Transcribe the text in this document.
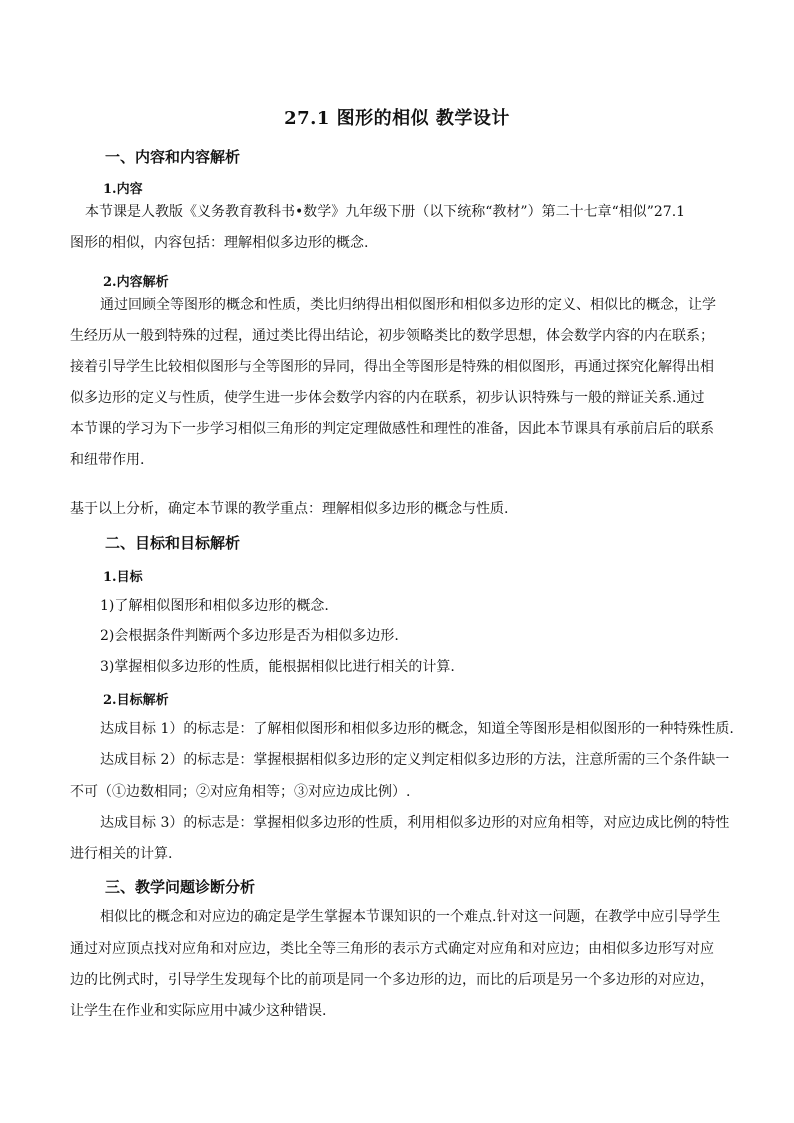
27.1 图形的相似 教学设计
一、内容和内容解析
1.内容
本节课是人教版《义务教育教科书•数学》九年级下册（以下统称“教材”）第二十七章“相似”27.1
图形的相似，内容包括：理解相似多边形的概念.
2.内容解析
通过回顾全等图形的概念和性质，类比归纳得出相似图形和相似多边形的定义、相似比的概念，让学
生经历从一般到特殊的过程，通过类比得出结论，初步领略类比的数学思想，体会数学内容的内在联系；
接着引导学生比较相似图形与全等图形的异同，得出全等图形是特殊的相似图形，再通过探究化解得出相
似多边形的定义与性质，使学生进一步体会数学内容的内在联系，初步认识特殊与一般的辩证关系.通过
本节课的学习为下一步学习相似三角形的判定定理做感性和理性的准备，因此本节课具有承前启后的联系
和纽带作用.
基于以上分析，确定本节课的教学重点：理解相似多边形的概念与性质.
二、目标和目标解析
1.目标
1)了解相似图形和相似多边形的概念.
2)会根据条件判断两个多边形是否为相似多边形.
3)掌握相似多边形的性质，能根据相似比进行相关的计算.
2.目标解析
达成目标 1）的标志是：了解相似图形和相似多边形的概念，知道全等图形是相似图形的一种特殊性质.
达成目标 2）的标志是：掌握根据相似多边形的定义判定相似多边形的方法，注意所需的三个条件缺一
不可（①边数相同；②对应角相等；③对应边成比例）.
达成目标 3）的标志是：掌握相似多边形的性质，利用相似多边形的对应角相等，对应边成比例的特性
进行相关的计算.
三、教学问题诊断分析
相似比的概念和对应边的确定是学生掌握本节课知识的一个难点.针对这一问题，在教学中应引导学生
通过对应顶点找对应角和对应边，类比全等三角形的表示方式确定对应角和对应边；由相似多边形写对应
边的比例式时，引导学生发现每个比的前项是同一个多边形的边，而比的后项是另一个多边形的对应边，
让学生在作业和实际应用中减少这种错误.
